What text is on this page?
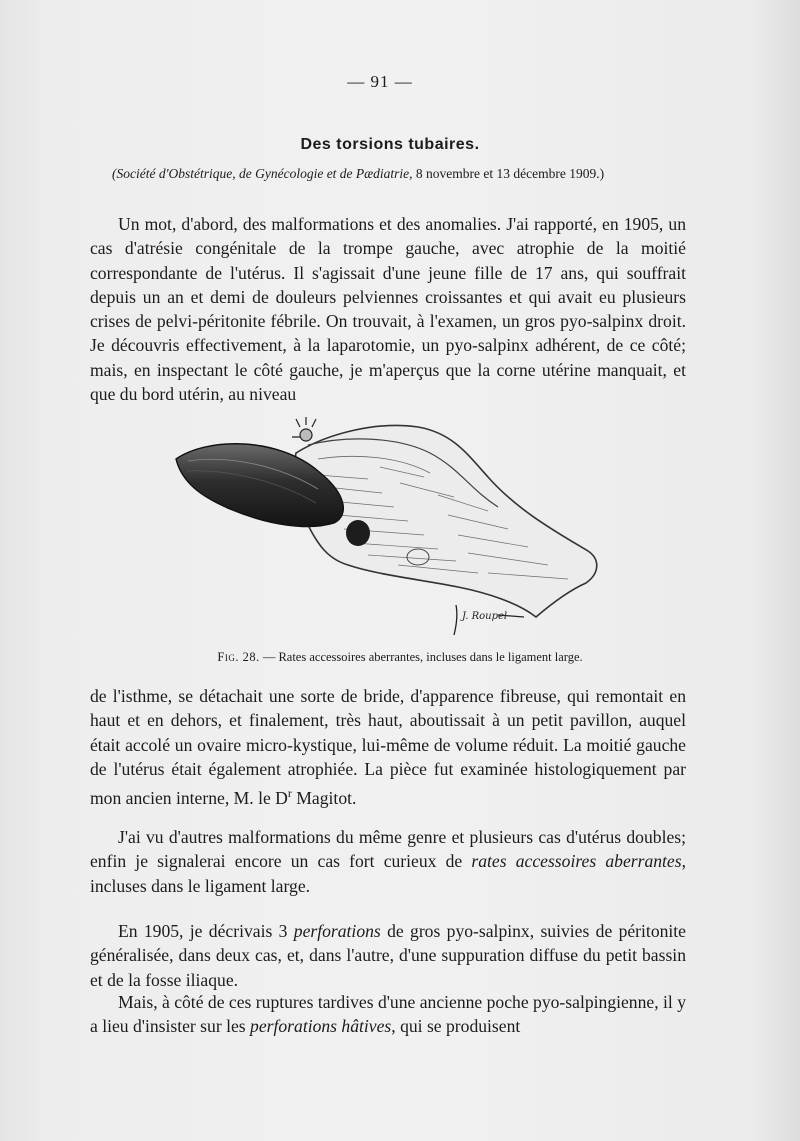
— 91 —
Des torsions tubaires.
(Société d'Obstétrique, de Gynécologie et de Pædiatrie, 8 novembre et 13 décembre 1909.)
Un mot, d'abord, des malformations et des anomalies. J'ai rapporté, en 1905, un cas d'atrésie congénitale de la trompe gauche, avec atrophie de la moitié correspondante de l'utérus. Il s'agissait d'une jeune fille de 17 ans, qui souffrait depuis un an et demi de douleurs pelviennes croissantes et qui avait eu plusieurs crises de pelvi-péritonite fébrile. On trouvait, à l'examen, un gros pyo-salpinx droit. Je découvris effectivement, à la laparotomie, un pyo-salpinx adhérent, de ce côté; mais, en inspectant le côté gauche, je m'aperçus que la corne utérine manquait, et que du bord utérin, au niveau
J. Roupel
Fig. 28. — Rates accessoires aberrantes, incluses dans le ligament large.
de l'isthme, se détachait une sorte de bride, d'apparence fibreuse, qui remontait en haut et en dehors, et finalement, très haut, aboutissait à un petit pavillon, auquel était accolé un ovaire micro-kystique, lui-même de volume réduit. La moitié gauche de l'utérus était également atrophiée. La pièce fut examinée histologiquement par mon ancien interne, M. le $D^r$ Magitot.
J'ai vu d'autres malformations du même genre et plusieurs cas d'utérus doubles; enfin je signalerai encore un cas fort curieux de rates accessoires aberrantes, incluses dans le ligament large.
En 1905, je décrivais 3 perforations de gros pyo-salpinx, suivies de péritonite généralisée, dans deux cas, et, dans l'autre, d'une suppuration diffuse du petit bassin et de la fosse iliaque.
Mais, à côté de ces ruptures tardives d'une ancienne poche pyo-salpingienne, il y a lieu d'insister sur les perforations hâtives, qui se produisent
